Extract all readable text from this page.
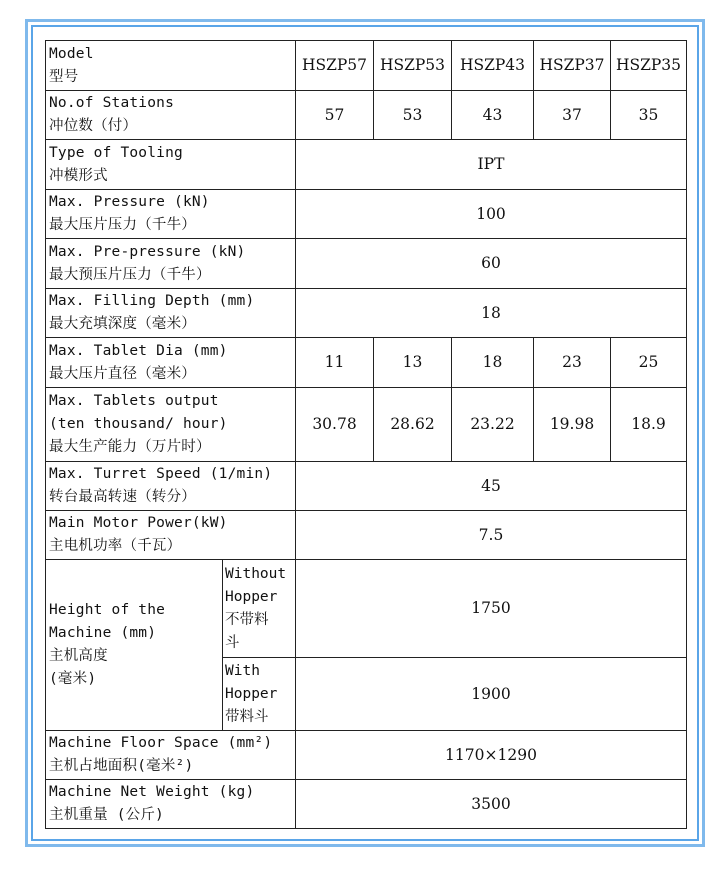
Model
型号		HSZP57	HSZP53	HSZP43	HSZP37	HSZP35

No.of Stations
冲位数（付）		57	53	43	37	35

Type of Tooling
冲模形式		IPT				

Max. Pressure (kN)
最大压片压力（千牛）		100				

Max. Pre-pressure (kN)
最大预压片压力（千牛）		60				

Max. Filling Depth (mm)
最大充填深度（毫米）		18				

Max. Tablet Dia (mm)
最大压片直径（毫米）		11	13	18	23	25

Max. Tablets output
(ten thousand/ hour)
最大生产能力（万片时）		30.78	28.62	23.22	19.98	18.9

Max. Turret Speed (1/min)
转台最高转速（转分）		45				

Main Motor Power(kW)
主电机功率（千瓦）		7.5				

Height of the
Machine (mm)
主机高度
(毫米)	Without
Hopper
不带料
斗	1750				

	With
Hopper
带料斗	1900				

Machine Floor Space (mm²)
主机占地面积(毫米²)		1170×1290				

Machine Net Weight (kg)
主机重量 (公斤)		3500				
